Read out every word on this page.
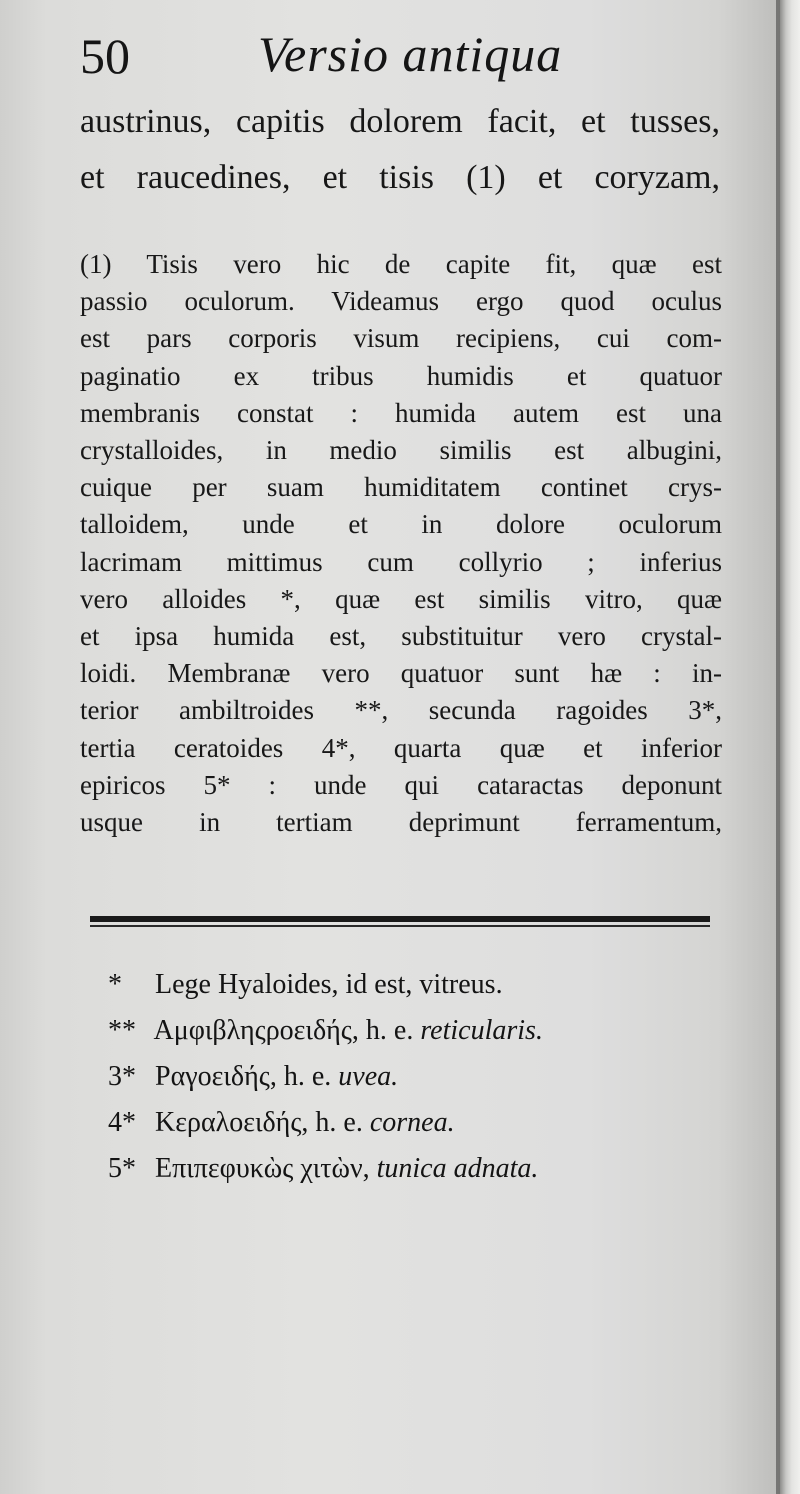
50	Versio antiqua
austrinus, capitis dolorem facit, et tusses,
et raucedines, et tisis (1) et coryzam,
(1) Tisis vero hic de capite fit, quæ est
passio oculorum. Videamus ergo quod oculus
est pars corporis visum recipiens, cui com-
paginatio ex tribus humidis et quatuor
membranis constat : humida autem est una
crystalloides, in medio similis est albugini,
cuique per suam humiditatem continet crys-
talloidem, unde et in dolore oculorum
lacrimam mittimus cum collyrio ; inferius
vero alloides *, quæ est similis vitro, quæ
et ipsa humida est, substituitur vero crystal-
loidi. Membranæ vero quatuor sunt hæ : in-
terior ambiltroides **, secunda ragoides 3*,
tertia ceratoides 4*, quarta quæ et inferior
epiricos 5* : unde qui cataractas deponunt
usque in tertiam deprimunt ferramentum,
* Lege Hyaloides, id est, vitreus.
** Αμφιβληςροειδής, h. e. reticularis.
3* Ραγοειδής, h. e. uvea.
4* Κεραλοειδής, h. e. cornea.
5* Επιπεφυκὼς χιτὼν, tunica adnata.
